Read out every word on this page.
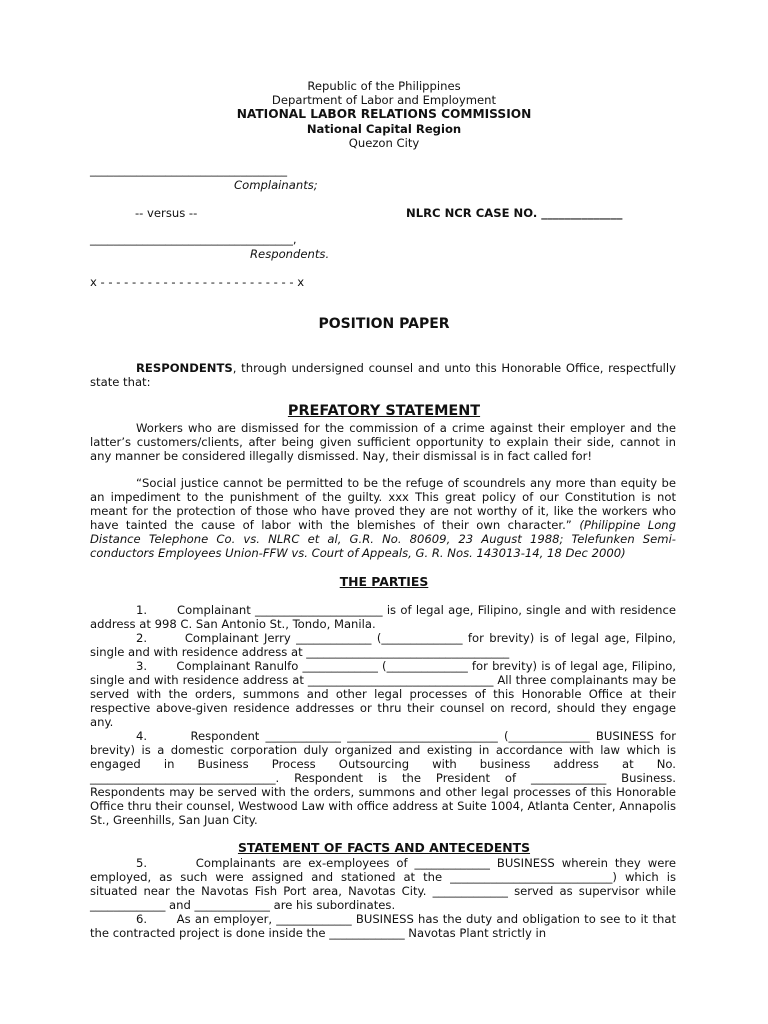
Republic of the Philippines
Department of Labor and Employment
NATIONAL LABOR RELATIONS COMMISSION
National Capital Region
Quezon City
__________________________________
Complainants;
-- versus --	NLRC NCR CASE NO. ______________
___________________________________,
Respondents.
x - - - - - - - - - - - - - - - - - - - - - - - - - x
POSITION PAPER
RESPONDENTS, through undersigned counsel and unto this Honorable Office, respectfully state that:
PREFATORY STATEMENT
Workers who are dismissed for the commission of a crime against their employer and the latter’s customers/clients, after being given sufficient opportunity to explain their side, cannot in any manner be considered illegally dismissed. Nay, their dismissal is in fact called for!
“Social justice cannot be permitted to be the refuge of scoundrels any more than equity be an impediment to the punishment of the guilty. xxx This great policy of our Constitution is not meant for the protection of those who have proved they are not worthy of it, like the workers who have tainted the cause of labor with the blemishes of their own character.” (Philippine Long Distance Telephone Co. vs. NLRC et al, G.R. No. 80609, 23 August 1988; Telefunken Semi-conductors Employees Union-FFW vs. Court of Appeals, G. R. Nos. 143013-14, 18 Dec 2000)
THE PARTIES
1.       Complainant ______________________ is of legal age, Filipino, single and with residence address at 998 C. San Antonio St., Tondo, Manila.
2.       Complainant Jerry _____________ (______________ for brevity) is of legal age, Filpino, single and with residence address at ___________________________________
3.       Complainant Ranulfo _____________ (______________ for brevity) is of legal age, Filipino, single and with residence address at ________________________________ All three complainants may be served with the orders, summons and other legal processes of this Honorable Office at their respective above-given residence addresses or thru their counsel on record, should they engage any.
4.       Respondent _____________ __________________________ (______________ BUSINESS for brevity) is a domestic corporation duly organized and existing in accordance with law which is engaged in Business Process Outsourcing with business address at No. ________________________________. Respondent is the President of _____________ Business. Respondents may be served with the orders, summons and other legal processes of this Honorable Office thru their counsel, Westwood Law with office address at Suite 1004, Atlanta Center, Annapolis St., Greenhills, San Juan City.
STATEMENT OF FACTS AND ANTECEDENTS
5.       Complainants are ex-employees of _____________ BUSINESS wherein they were employed, as such were assigned and stationed at the ____________________________) which is situated near the Navotas Fish Port area, Navotas City. _____________ served as supervisor while _____________ and _____________ are his subordinates.
6.       As an employer, _____________ BUSINESS has the duty and obligation to see to it that the contracted project is done inside the _____________ Navotas Plant strictly in
